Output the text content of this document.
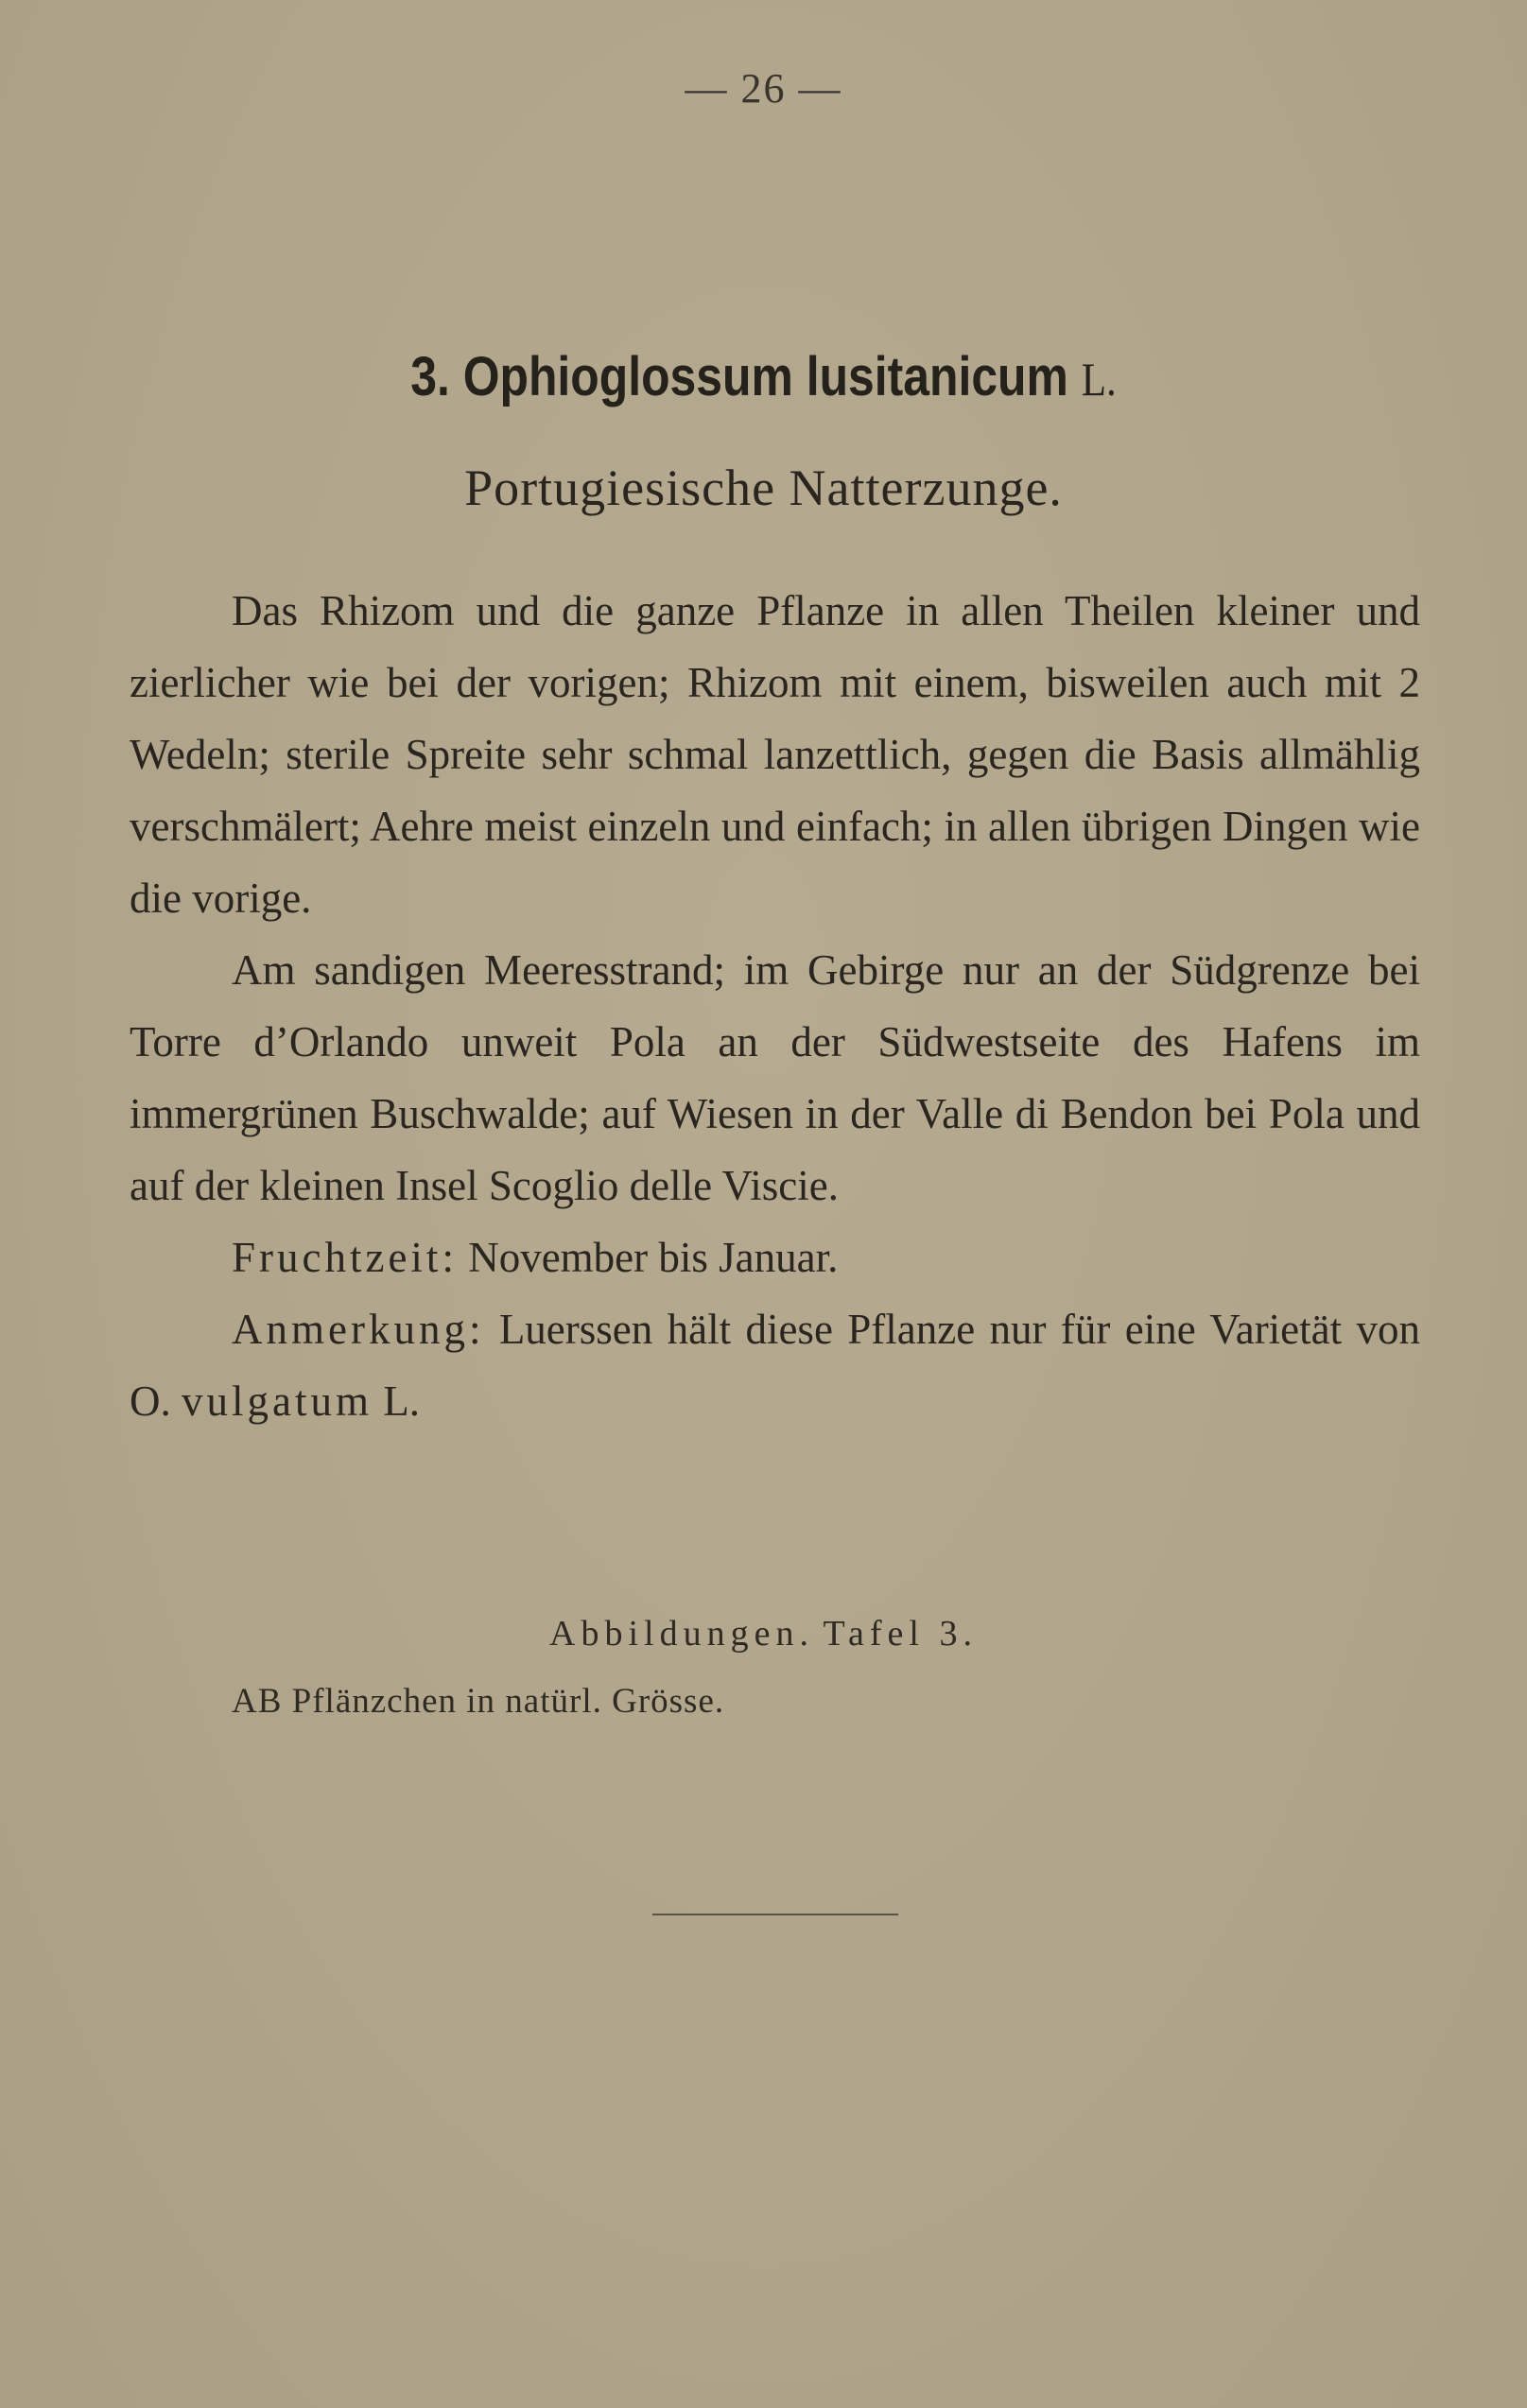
— 26 —
3. Ophioglossum lusitanicum L.
Portugiesische Natterzunge.

Das Rhizom und die ganze Pflanze in allen Theilen kleiner und zierlicher wie bei der vorigen; Rhizom mit einem, bisweilen auch mit 2 Wedeln; sterile Spreite sehr schmal lanzettlich, gegen die Basis allmählig verschmälert; Aehre meist einzeln und einfach; in allen übrigen Dingen wie die vorige.

Am sandigen Meeresstrand; im Gebirge nur an der Südgrenze bei Torre d’Orlando unweit Pola an der Südwestseite des Hafens im immergrünen Buschwalde; auf Wiesen in der Valle di Bendon bei Pola und auf der kleinen Insel Scoglio delle Viscie.

Fruchtzeit: November bis Januar.

Anmerkung: Luerssen hält diese Pflanze nur für eine Varietät von O. vulgatum L.

Abbildungen. Tafel 3.
AB Pflänzchen in natürl. Grösse.
